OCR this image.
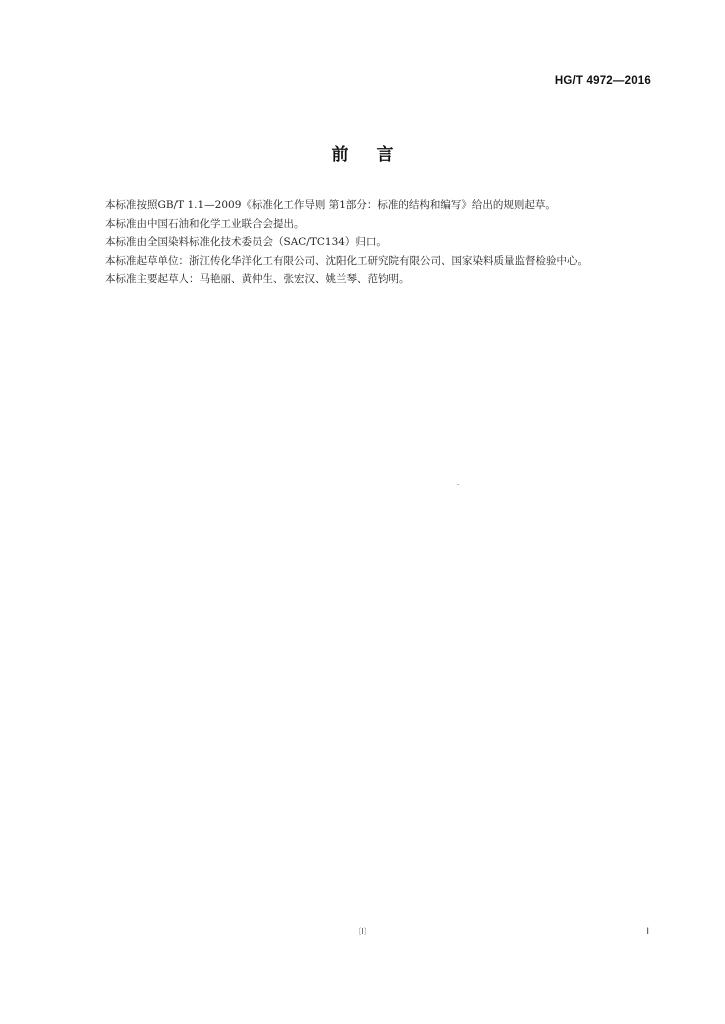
HG/T 4972—2016
前言

本标准按照GB/T 1.1—2009《标准化工作导则 第1部分：标准的结构和编写》给出的规则起草。

本标准由中国石油和化学工业联合会提出。

本标准由全国染料标准化技术委员会（SAC/TC134）归口。

本标准起草单位：浙江传化华洋化工有限公司、沈阳化工研究院有限公司、国家染料质量监督检验中心。

本标准主要起草人：马艳丽、黄仲生、张宏汉、姚兰琴、范钧明。

〔Ⅰ〕	Ⅰ
